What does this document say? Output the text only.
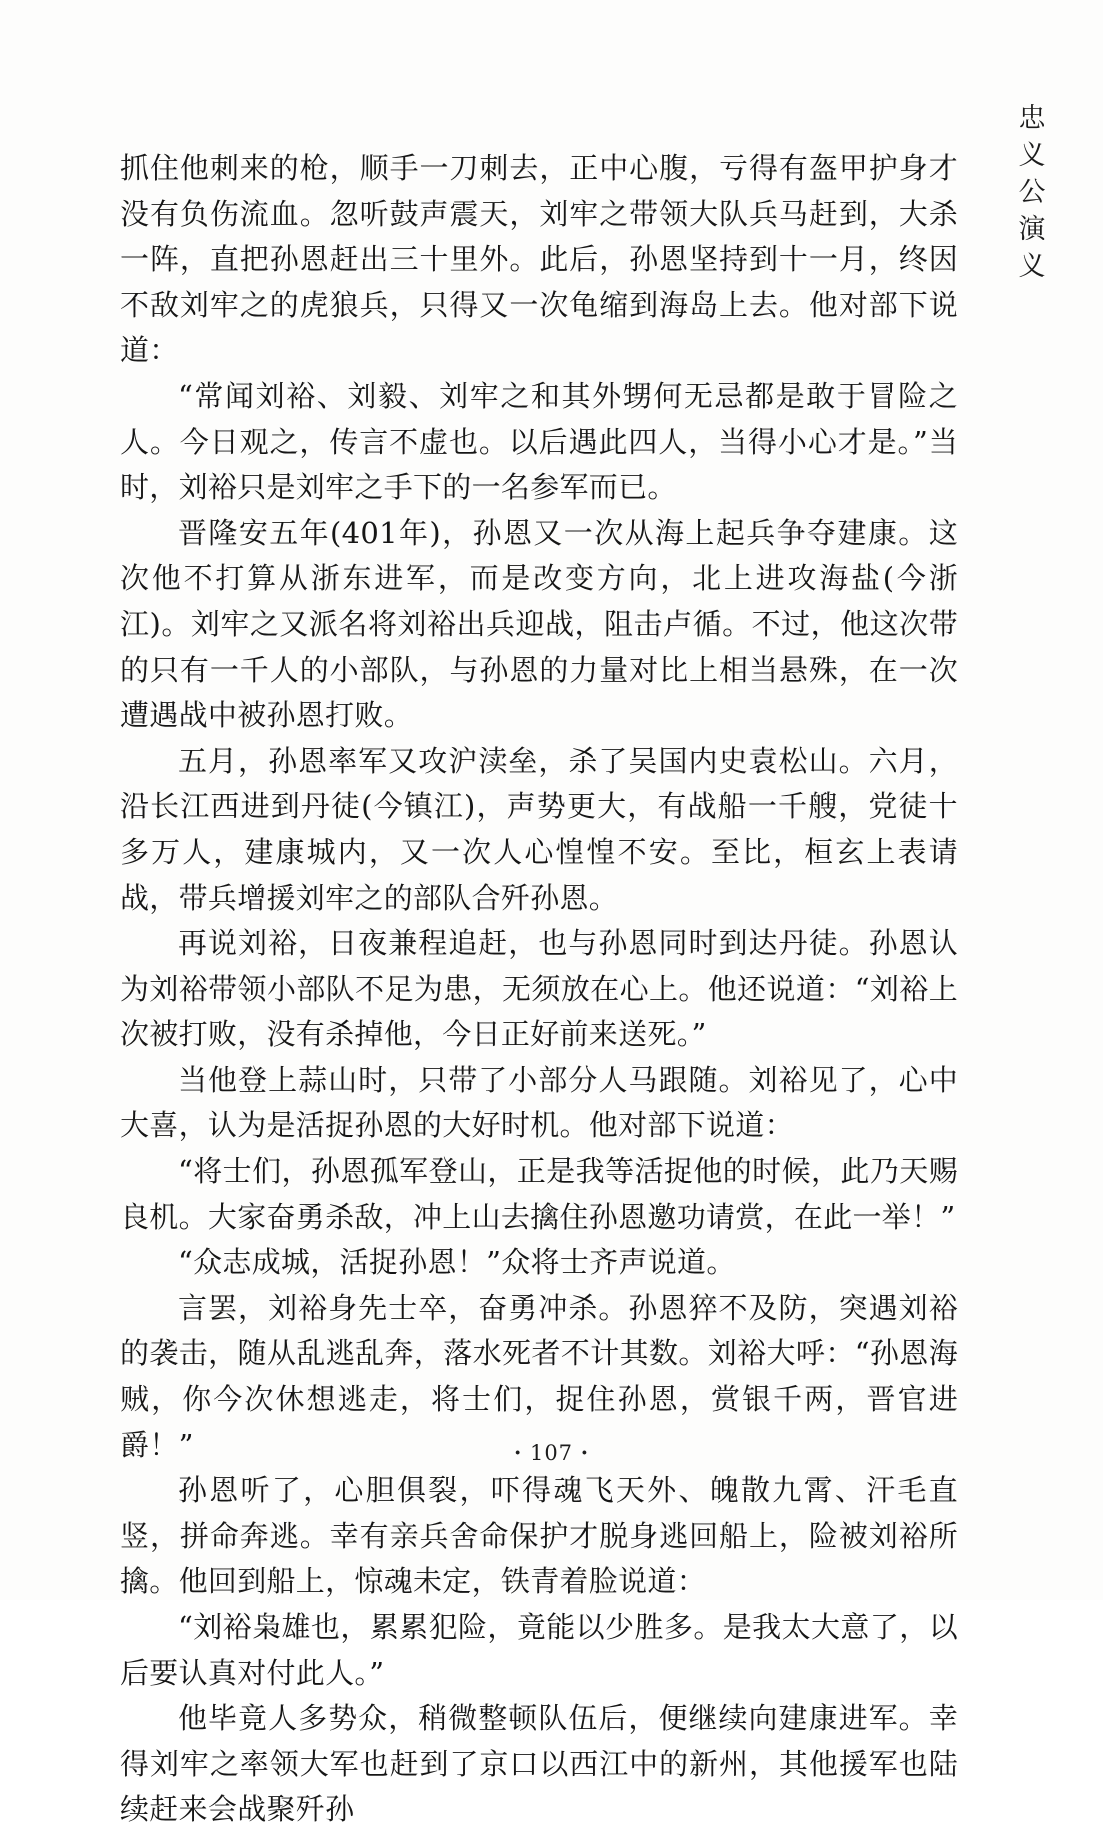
忠
义
公
演
义

抓住他刺来的枪，顺手一刀刺去，正中心腹，亏得有盔甲护身才没有负伤流血。忽听鼓声震天，刘牢之带领大队兵马赶到，大杀一阵，直把孙恩赶出三十里外。此后，孙恩坚持到十一月，终因不敌刘牢之的虎狼兵，只得又一次龟缩到海岛上去。他对部下说道：

“常闻刘裕、刘毅、刘牢之和其外甥何无忌都是敢于冒险之人。今日观之，传言不虚也。以后遇此四人，当得小心才是。”当时，刘裕只是刘牢之手下的一名参军而已。

晋隆安五年(401年)，孙恩又一次从海上起兵争夺建康。这次他不打算从浙东进军，而是改变方向，北上进攻海盐(今浙江)。刘牢之又派名将刘裕出兵迎战，阻击卢循。不过，他这次带的只有一千人的小部队，与孙恩的力量对比上相当悬殊，在一次遭遇战中被孙恩打败。

五月，孙恩率军又攻沪渎垒，杀了吴国内史袁松山。六月，沿长江西进到丹徒(今镇江)，声势更大，有战船一千艘，党徒十多万人，建康城内，又一次人心惶惶不安。至比，桓玄上表请战，带兵增援刘牢之的部队合歼孙恩。

再说刘裕，日夜兼程追赶，也与孙恩同时到达丹徒。孙恩认为刘裕带领小部队不足为患，无须放在心上。他还说道：“刘裕上次被打败，没有杀掉他，今日正好前来送死。”

当他登上蒜山时，只带了小部分人马跟随。刘裕见了，心中大喜，认为是活捉孙恩的大好时机。他对部下说道：

“将士们，孙恩孤军登山，正是我等活捉他的时候，此乃天赐良机。大家奋勇杀敌，冲上山去擒住孙恩邀功请赏，在此一举！”

“众志成城，活捉孙恩！”众将士齐声说道。

言罢，刘裕身先士卒，奋勇冲杀。孙恩猝不及防，突遇刘裕的袭击，随从乱逃乱奔，落水死者不计其数。刘裕大呼：“孙恩海贼，你今次休想逃走，将士们，捉住孙恩，赏银千两，晋官进爵！”

孙恩听了，心胆俱裂，吓得魂飞天外、魄散九霄、汗毛直竖，拼命奔逃。幸有亲兵舍命保护才脱身逃回船上，险被刘裕所擒。他回到船上，惊魂未定，铁青着脸说道：

“刘裕枭雄也，累累犯险，竟能以少胜多。是我太大意了，以后要认真对付此人。”

他毕竟人多势众，稍微整顿队伍后，便继续向建康进军。幸得刘牢之率领大军也赶到了京口以西江中的新州，其他援军也陆续赶来会战聚歼孙

· 107 ·
